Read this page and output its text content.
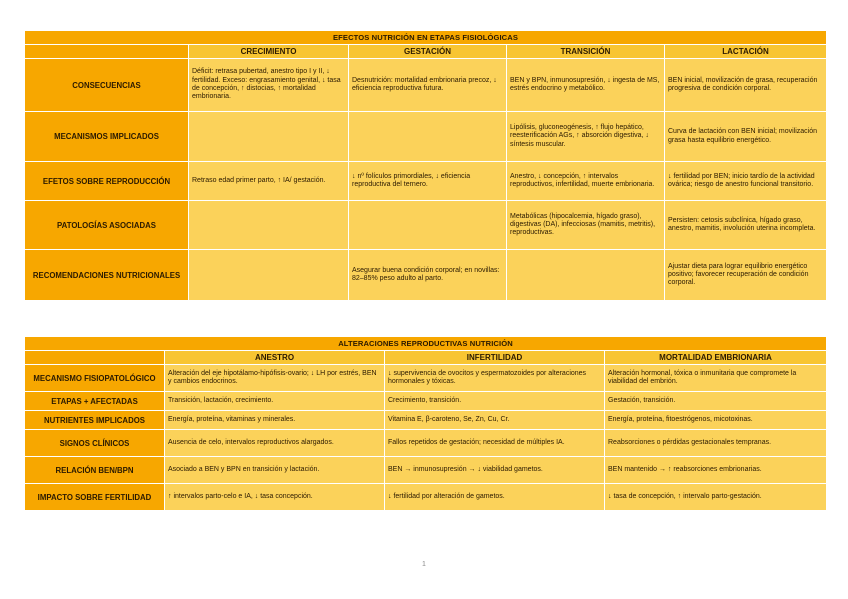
EFECTOS NUTRICIÓN EN ETAPAS FISIOLÓGICAS				
	CRECIMIENTO	GESTACIÓN	TRANSICIÓN	LACTACIÓN
CONSECUENCIAS	Déficit: retrasa pubertad, anestro tipo I y II, ↓ fertilidad. Exceso: engrasamiento genital, ↓ tasa de concepción, ↑ distocias, ↑ mortalidad embrionaria.	Desnutrición: mortalidad embrionaria precoz, ↓ eficiencia reproductiva futura.	BEN y BPN, inmunosupresión, ↓ ingesta de MS, estrés endocrino y metabólico.	BEN inicial, movilización de grasa, recuperación progresiva de condición corporal.
MECANISMOS IMPLICADOS			Lipólisis, gluconeogénesis, ↑ flujo hepático, reesterificación AGs, ↑ absorción digestiva, ↓ síntesis muscular.	Curva de lactación con BEN inicial; movilización grasa hasta equilibrio energético.
EFETOS SOBRE REPRODUCCIÓN	Retraso edad primer parto, ↑ IA/ gestación.	↓ nº folículos primordiales, ↓ eficiencia reproductiva del ternero.	Anestro, ↓ concepción, ↑ intervalos reproductivos, infertilidad, muerte embrionaria.	↓ fertilidad por BEN; inicio tardío de la actividad ovárica; riesgo de anestro funcional transitorio.
PATOLOGÍAS ASOCIADAS			Metabólicas (hipocalcemia, hígado graso), digestivas (DA), infecciosas (mamitis, metritis), reproductivas.	Persisten: cetosis subclínica, hígado graso, anestro, mamitis, involución uterina incompleta.
RECOMENDACIONES NUTRICIONALES		Asegurar buena condición corporal; en novillas: 82–85% peso adulto al parto.		Ajustar dieta para lograr equilibrio energético positivo; favorecer recuperación de condición corporal.
ALTERACIONES REPRODUCTIVAS NUTRICIÓN			
	ANESTRO	INFERTILIDAD	MORTALIDAD EMBRIONARIA
MECANISMO FISIOPATOLÓGICO	Alteración del eje hipotálamo-hipófisis-ovario; ↓ LH por estrés, BEN y cambios endocrinos.	↓ supervivencia de ovocitos y espermatozoides por alteraciones hormonales y tóxicas.	Alteración hormonal, tóxica o inmunitaria que compromete la viabilidad del embrión.
ETAPAS + AFECTADAS	Transición, lactación, crecimiento.	Crecimiento, transición.	Gestación, transición.
NUTRIENTES IMPLICADOS	Energía, proteína, vitaminas y minerales.	Vitamina E, β-caroteno, Se, Zn, Cu, Cr.	Energía, proteína, fitoestrógenos, micotoxinas.
SIGNOS CLÍNICOS	Ausencia de celo, intervalos reproductivos alargados.	Fallos repetidos de gestación; necesidad de múltiples IA.	Reabsorciones o pérdidas gestacionales tempranas.
RELACIÓN BEN/BPN	Asociado a BEN y BPN en transición y lactación.	BEN → inmunosupresión → ↓ viabilidad gametos.	BEN mantenido → ↑ reabsorciones embrionarias.
IMPACTO SOBRE FERTILIDAD	↑ intervalos parto-celo e IA, ↓ tasa concepción.	↓ fertilidad por alteración de gametos.	↓ tasa de concepción, ↑ intervalo parto-gestación.
1
